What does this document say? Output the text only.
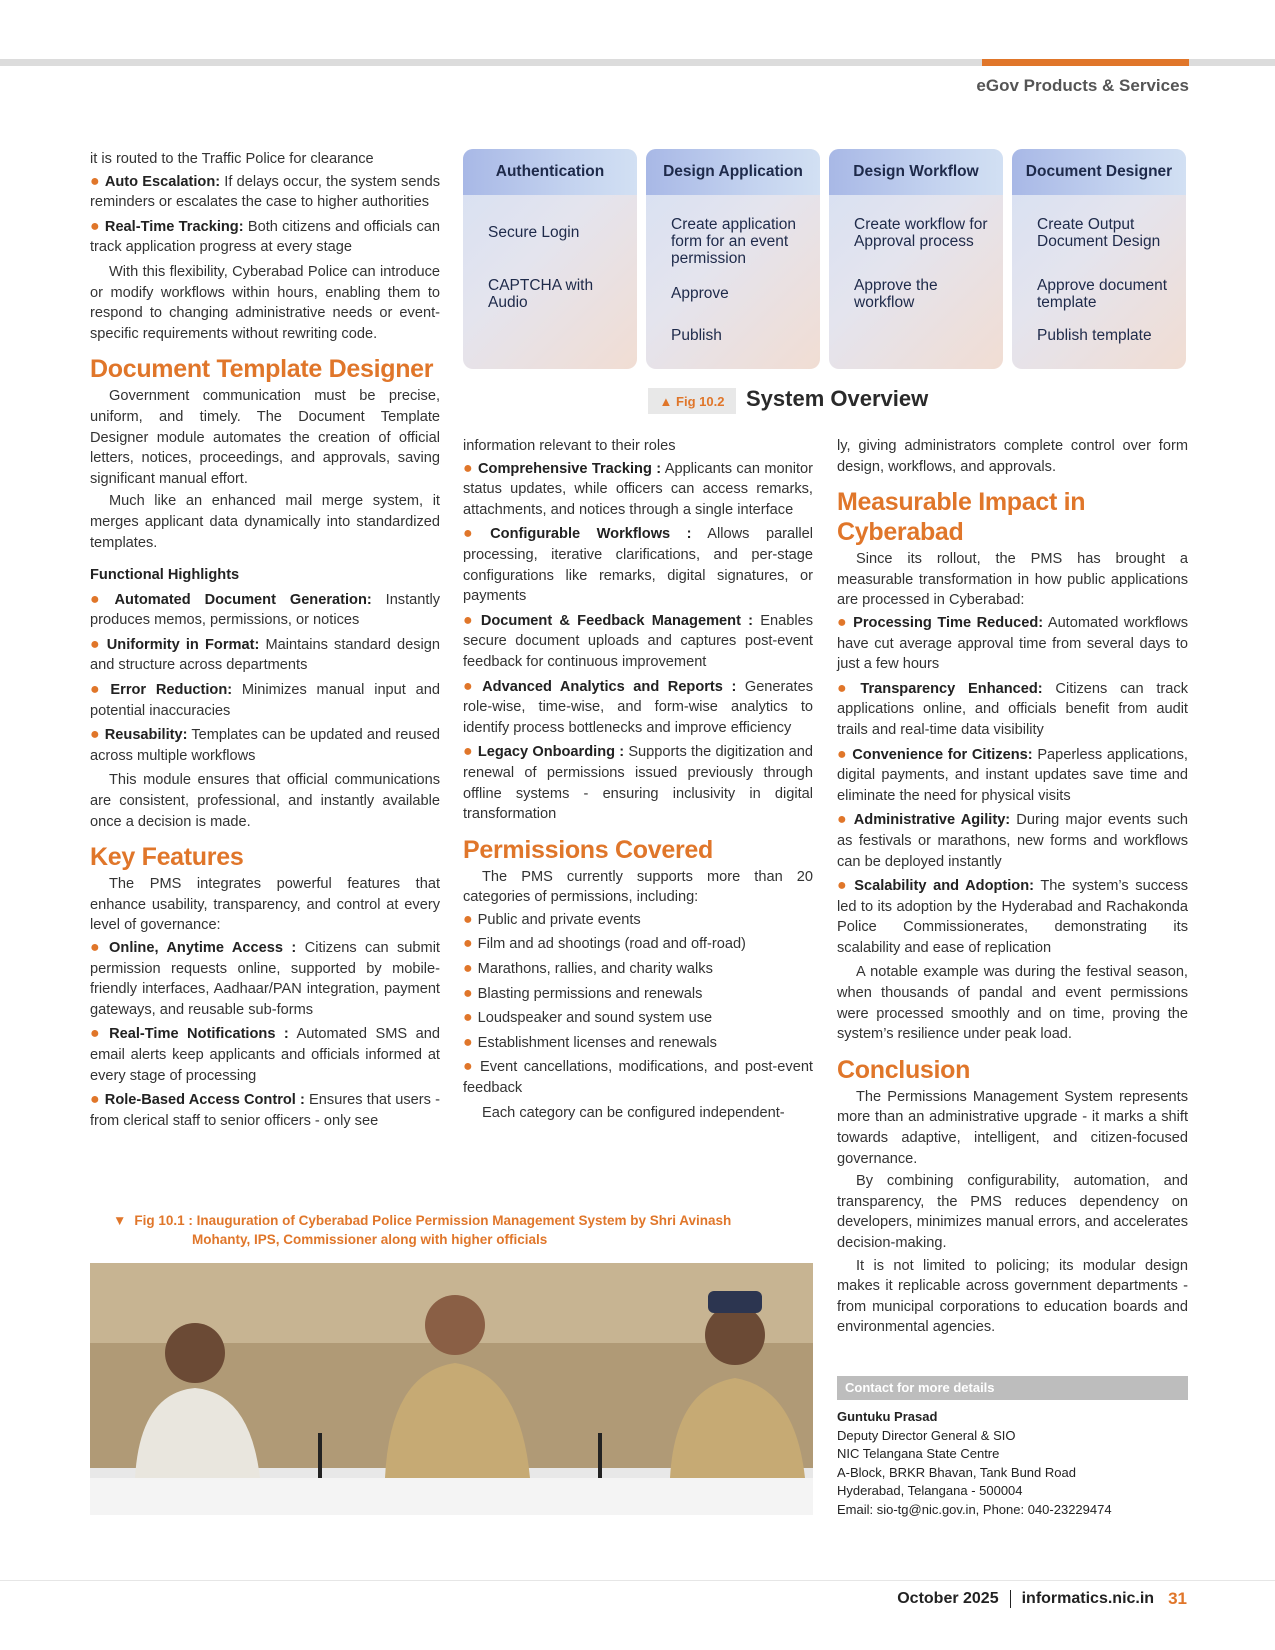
eGov Products & Services

it is routed to the Traffic Police for clearance

● Auto Escalation: If delays occur, the system sends reminders or escalates the case to higher authorities
● Real-Time Tracking: Both citizens and officials can track application progress at every stage

With this flexibility, Cyberabad Police can introduce or modify workflows within hours, enabling them to respond to changing administrative needs or event-specific requirements without rewriting code.

Document Template Designer

Government communication must be precise, uniform, and timely. The Document Template Designer module automates the creation of official letters, notices, proceedings, and approvals, saving significant manual effort.

Much like an enhanced mail merge system, it merges applicant data dynamically into standardized templates.

Functional Highlights
● Automated Document Generation: Instantly produces memos, permissions, or notices
● Uniformity in Format: Maintains standard design and structure across departments
● Error Reduction: Minimizes manual input and potential inaccuracies
● Reusability: Templates can be updated and reused across multiple workflows

This module ensures that official communications are consistent, professional, and instantly available once a decision is made.

Key Features

The PMS integrates powerful features that enhance usability, transparency, and control at every level of governance:

● Online, Anytime Access : Citizens can submit permission requests online, supported by mobile-friendly interfaces, Aadhaar/PAN integration, payment gateways, and reusable sub-forms
● Real-Time Notifications : Automated SMS and email alerts keep applicants and officials informed at every stage of processing
● Role-Based Access Control : Ensures that users - from clerical staff to senior officers - only see
Authentication
Secure Login
CAPTCHA with Audio
Design Application
Create application form for an event permission
Approve
Publish
Design Workflow
Create workflow for Approval process
Approve the workflow
Document Designer
Create Output Document Design
Approve document template
Publish template
▲ Fig 10.2 System Overview

information relevant to their roles

● Comprehensive Tracking : Applicants can monitor status updates, while officers can access remarks, attachments, and notices through a single interface
● Configurable Workflows : Allows parallel processing, iterative clarifications, and per-stage configurations like remarks, digital signatures, or payments
● Document & Feedback Management : Enables secure document uploads and captures post-event feedback for continuous improvement
● Advanced Analytics and Reports : Generates role-wise, time-wise, and form-wise analytics to identify process bottlenecks and improve efficiency
● Legacy Onboarding : Supports the digitization and renewal of permissions issued previously through offline systems - ensuring inclusivity in digital transformation
Permissions Covered

The PMS currently supports more than 20 categories of permissions, including:

● Public and private events
● Film and ad shootings (road and off-road)
● Marathons, rallies, and charity walks
● Blasting permissions and renewals
● Loudspeaker and sound system use
● Establishment licenses and renewals
● Event cancellations, modifications, and post-event feedback

Each category can be configured independent-

ly, giving administrators complete control over form design, workflows, and approvals.

Measurable Impact in Cyberabad

Since its rollout, the PMS has brought a measurable transformation in how public applications are processed in Cyberabad:

● Processing Time Reduced: Automated workflows have cut average approval time from several days to just a few hours
● Transparency Enhanced: Citizens can track applications online, and officials benefit from audit trails and real-time data visibility
● Convenience for Citizens: Paperless applications, digital payments, and instant updates save time and eliminate the need for physical visits
● Administrative Agility: During major events such as festivals or marathons, new forms and workflows can be deployed instantly
● Scalability and Adoption: The system’s success led to its adoption by the Hyderabad and Rachakonda Police Commissionerates, demonstrating its scalability and ease of replication

A notable example was during the festival season, when thousands of pandal and event permissions were processed smoothly and on time, proving the system’s resilience under peak load.

Conclusion

The Permissions Management System represents more than an administrative upgrade - it marks a shift towards adaptive, intelligent, and citizen-focused governance.

By combining configurability, automation, and transparency, the PMS reduces dependency on developers, minimizes manual errors, and accelerates decision-making.

It is not limited to policing; its modular design makes it replicable across government departments - from municipal corporations to education boards and environmental agencies.

▼ Fig 10.1 : Inauguration of Cyberabad Police Permission Management System by Shri Avinash
Mohanty, IPS, Commissioner along with higher officials
Contact for more details
Guntuku Prasad
Deputy Director General & SIO
NIC Telangana State Centre
A-Block, BRKR Bhavan, Tank Bund Road
Hyderabad, Telangana - 500004
Email: sio-tg@nic.gov.in, Phone: 040-23229474
October 2025 informatics.nic.in 31
